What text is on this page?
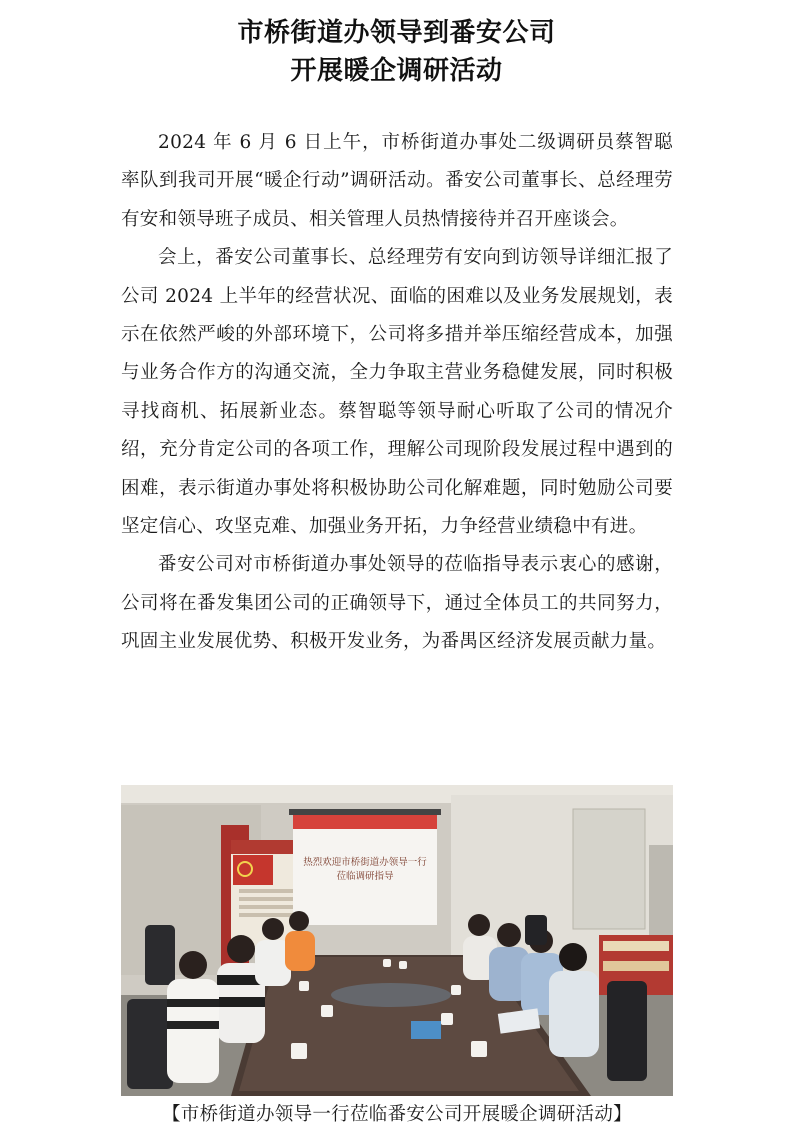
市桥街道办领导到番安公司
开展暖企调研活动

2024 年 6 月 6 日上午，市桥街道办事处二级调研员蔡智聪率队到我司开展“暖企行动”调研活动。番安公司董事长、总经理劳有安和领导班子成员、相关管理人员热情接待并召开座谈会。

会上，番安公司董事长、总经理劳有安向到访领导详细汇报了公司 2024 上半年的经营状况、面临的困难以及业务发展规划，表示在依然严峻的外部环境下，公司将多措并举压缩经营成本，加强与业务合作方的沟通交流，全力争取主营业务稳健发展，同时积极寻找商机、拓展新业态。蔡智聪等领导耐心听取了公司的情况介绍，充分肯定公司的各项工作，理解公司现阶段发展过程中遇到的困难，表示街道办事处将积极协助公司化解难题，同时勉励公司要坚定信心、攻坚克难、加强业务开拓，力争经营业绩稳中有进。

番安公司对市桥街道办事处领导的莅临指导表示衷心的感谢，公司将在番发集团公司的正确领导下，通过全体员工的共同努力，巩固主业发展优势、积极开发业务，为番禺区经济发展贡献力量。

热烈欢迎市桥街道办领导一行
莅临调研指导
【市桥街道办领导一行莅临番安公司开展暖企调研活动】
